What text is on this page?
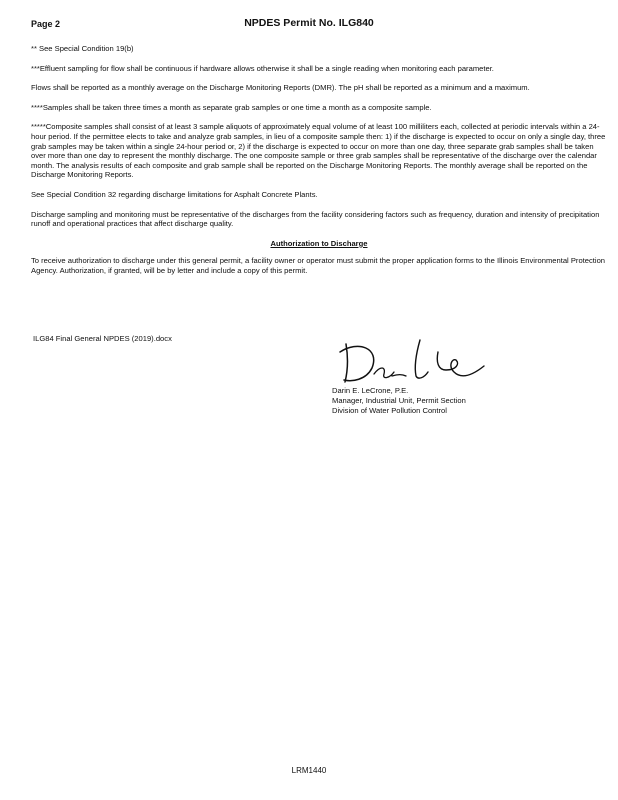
Page 2	NPDES Permit No. ILG840

** See Special Condition 19(b)

***Effluent sampling for flow shall be continuous if hardware allows otherwise it shall be a single reading when monitoring each parameter.

Flows shall be reported as a monthly average on the Discharge Monitoring Reports (DMR). The pH shall be reported as a minimum and a maximum.

****Samples shall be taken three times a month as separate grab samples or one time a month as a composite sample.

*****Composite samples shall consist of at least 3 sample aliquots of approximately equal volume of at least 100 milliliters each, collected at periodic intervals within a 24-hour period. If the permittee elects to take and analyze grab samples, in lieu of a composite sample then: 1) if the discharge is expected to occur on only a single day, three grab samples may be taken within a single 24-hour period or, 2) if the discharge is expected to occur on more than one day, three separate grab samples shall be taken over more than one day to represent the monthly discharge. The one composite sample or three grab samples shall be representative of the discharge over the calendar month. The analysis results of each composite and grab sample shall be reported on the Discharge Monitoring Reports. The monthly average shall be reported on the Discharge Monitoring Reports.

See Special Condition 32 regarding discharge limitations for Asphalt Concrete Plants.

Discharge sampling and monitoring must be representative of the discharges from the facility considering factors such as frequency, duration and intensity of precipitation runoff and operational practices that affect discharge quality.

Authorization to Discharge

To receive authorization to discharge under this general permit, a facility owner or operator must submit the proper application forms to the Illinois Environmental Protection Agency. Authorization, if granted, will be by letter and include a copy of this permit.

ILG84 Final General NPDES (2019).docx
Darin E. LeCrone, P.E.
Manager, Industrial Unit, Permit Section
Division of Water Pollution Control
LRM1440
